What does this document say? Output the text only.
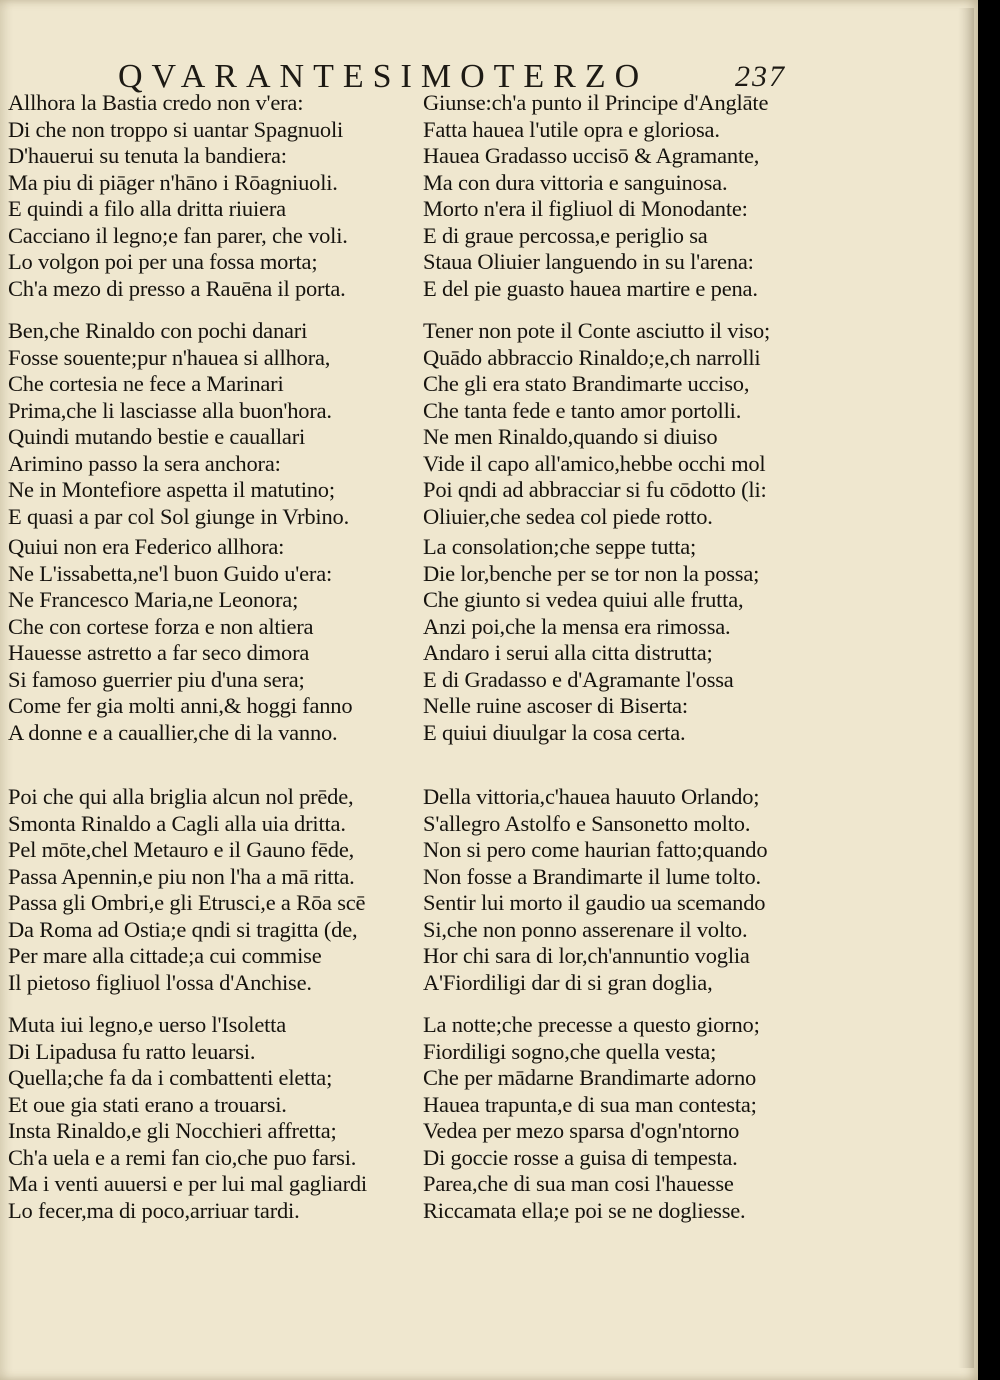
QVARANTESIMOTERZO	237
Allhora la Bastia credo non v'era:
Di che non troppo si uantar Spagnuoli
D'hauerui su tenuta la bandiera:
Ma piu di piāger n'hāno i Rōagniuoli.
E quindi a filo alla dritta riuiera
Cacciano il legno;e fan parer, che voli.
Lo volgon poi per una fossa morta;
Ch'a mezo di presso a Rauēna il porta.
Ben,che Rinaldo con pochi danari
Fosse souente;pur n'hauea si allhora,
Che cortesia ne fece a Marinari
Prima,che li lasciasse alla buon'hora.
Quindi mutando bestie e cauallari
Arimino passo la sera anchora:
Ne in Montefiore aspetta il matutino;
E quasi a par col Sol giunge in Vrbino.
Quiui non era Federico allhora:
Ne L'issabetta,ne'l buon Guido u'era:
Ne Francesco Maria,ne Leonora;
Che con cortese forza e non altiera
Hauesse astretto a far seco dimora
Si famoso guerrier piu d'una sera;
Come fer gia molti anni,& hoggi fanno
A donne e a cauallier,che di la vanno.
Poi che qui alla briglia alcun nol prēde,
Smonta Rinaldo a Cagli alla uia dritta.
Pel mōte,chel Metauro e il Gauno fēde,
Passa Apennin,e piu non l'ha a mā ritta.
Passa gli Ombri,e gli Etrusci,e a Rōa scē
Da Roma ad Ostia;e qndi si tragitta (de,
Per mare alla cittade;a cui commise
Il pietoso figliuol l'ossa d'Anchise.
Muta iui legno,e uerso l'Isoletta
Di Lipadusa fu ratto leuarsi.
Quella;che fa da i combattenti eletta;
Et oue gia stati erano a trouarsi.
Insta Rinaldo,e gli Nocchieri affretta;
Ch'a uela e a remi fan cio,che puo farsi.
Ma i venti auuersi e per lui mal gagliardi
Lo fecer,ma di poco,arriuar tardi.
Giunse:ch'a punto il Principe d'Anglāte
Fatta hauea l'utile opra e gloriosa.
Hauea Gradasso uccisō & Agramante,
Ma con dura vittoria e sanguinosa.
Morto n'era il figliuol di Monodante:
E di graue percossa,e periglio sa
Staua Oliuier languendo in su l'arena:
E del pie guasto hauea martire e pena.
Tener non pote il Conte asciutto il viso;
Quādo abbraccio Rinaldo;e,ch narrolli
Che gli era stato Brandimarte ucciso,
Che tanta fede e tanto amor portolli.
Ne men Rinaldo,quando si diuiso
Vide il capo all'amico,hebbe occhi mol
Poi qndi ad abbracciar si fu cōdotto (li:
Oliuier,che sedea col piede rotto.
La consolation;che seppe tutta;
Die lor,benche per se tor non la possa;
Che giunto si vedea quiui alle frutta,
Anzi poi,che la mensa era rimossa.
Andaro i serui alla citta distrutta;
E di Gradasso e d'Agramante l'ossa
Nelle ruine ascoser di Biserta:
E quiui diuulgar la cosa certa.
Della vittoria,c'hauea hauuto Orlando;
S'allegro Astolfo e Sansonetto molto.
Non si pero come haurian fatto;quando
Non fosse a Brandimarte il lume tolto.
Sentir lui morto il gaudio ua scemando
Si,che non ponno asserenare il volto.
Hor chi sara di lor,ch'annuntio voglia
A'Fiordiligi dar di si gran doglia,
La notte;che precesse a questo giorno;
Fiordiligi sogno,che quella vesta;
Che per mādarne Brandimarte adorno
Hauea trapunta,e di sua man contesta;
Vedea per mezo sparsa d'ogn'ntorno
Di goccie rosse a guisa di tempesta.
Parea,che di sua man cosi l'hauesse
Riccamata ella;e poi se ne dogliesse.
